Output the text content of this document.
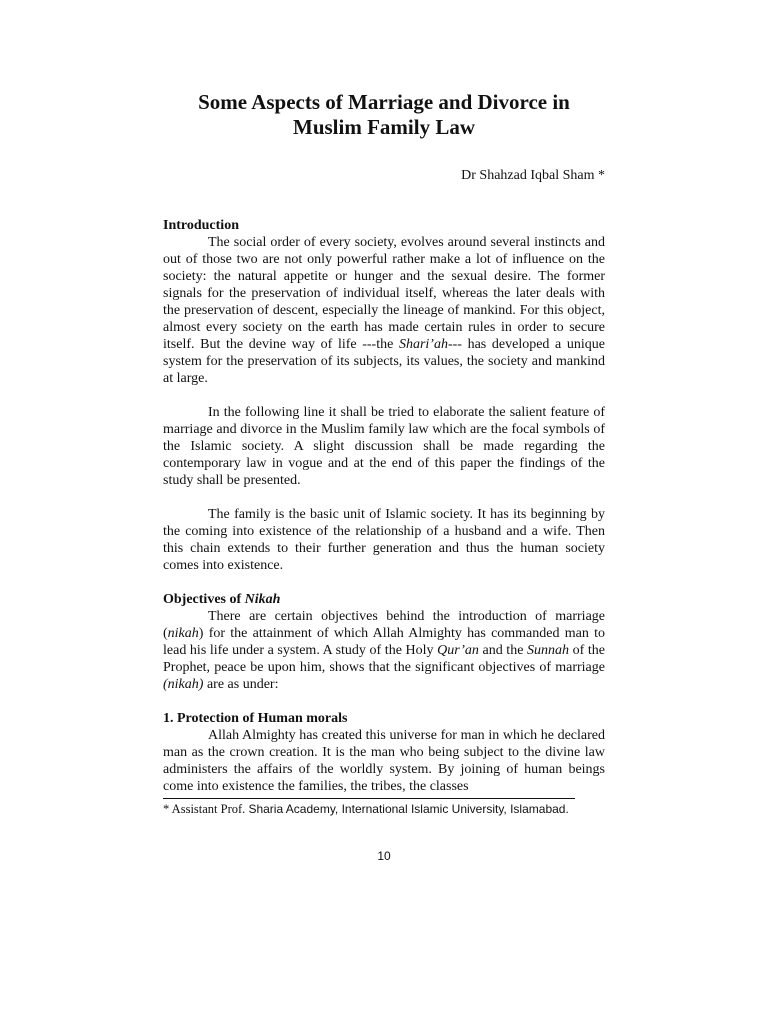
Some Aspects of Marriage and Divorce in Muslim Family Law

Dr Shahzad Iqbal Sham *

Introduction

The social order of every society, evolves around several instincts and out of those two are not only powerful rather make a lot of influence on the society: the natural appetite or hunger and the sexual desire. The former signals for the preservation of individual itself, whereas the later deals with the preservation of descent, especially the lineage of mankind. For this object, almost every society on the earth has made certain rules in order to secure itself. But the devine way of life ---the Shari’ah--- has developed a unique system for the preservation of its subjects, its values, the society and mankind at large.

In the following line it shall be tried to elaborate the salient feature of marriage and divorce in the Muslim family law which are the focal symbols of the Islamic society. A slight discussion shall be made regarding the contemporary law in vogue and at the end of this paper the findings of the study shall be presented.

The family is the basic unit of Islamic society. It has its beginning by the coming into existence of the relationship of a husband and a wife. Then this chain extends to their further generation and thus the human society comes into existence.

Objectives of Nikah

There are certain objectives behind the introduction of marriage (nikah) for the attainment of which Allah Almighty has commanded man to lead his life under a system. A study of the Holy Qur’an and the Sunnah of the Prophet, peace be upon him, shows that the significant objectives of marriage (nikah) are as under:

1. Protection of Human morals

Allah Almighty has created this universe for man in which he declared man as the crown creation. It is the man who being subject to the divine law administers the affairs of the worldly system. By joining of human beings come into existence the families, the tribes, the classes

* Assistant Prof. Sharia Academy, International Islamic University, Islamabad.

10
